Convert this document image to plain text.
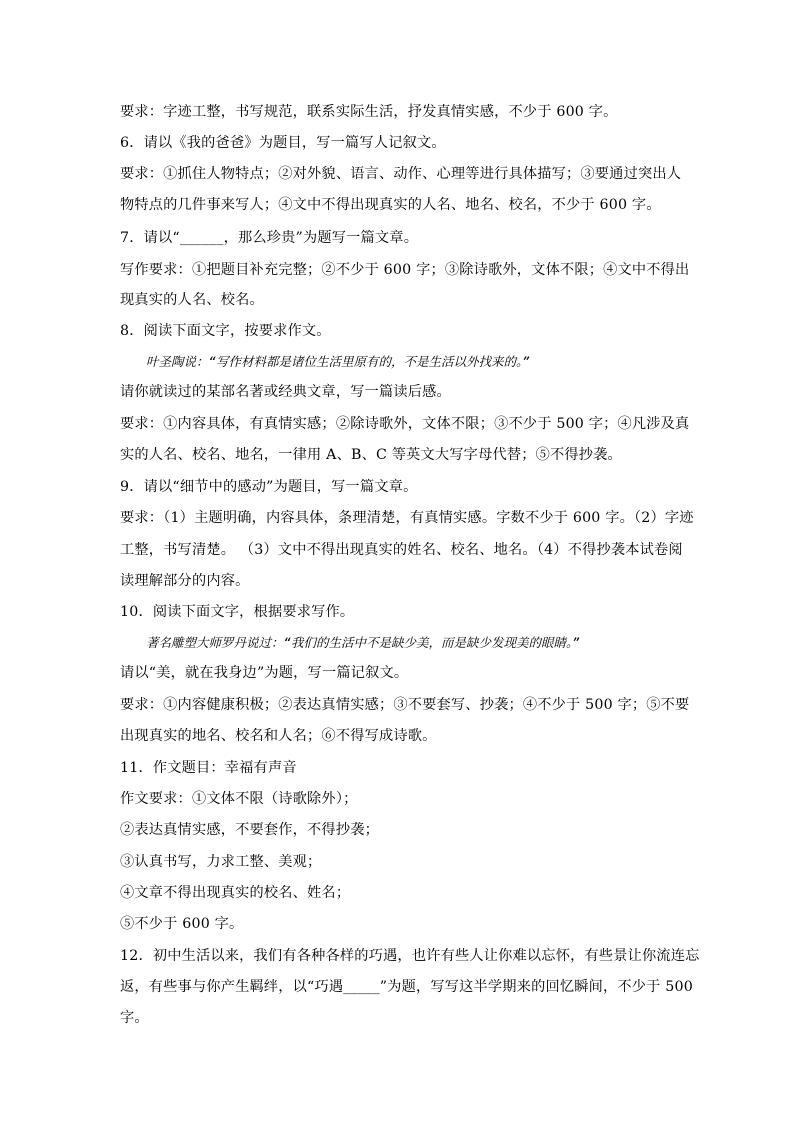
要求：字迹工整，书写规范，联系实际生活，抒发真情实感，不少于 600 字。
6．请以《我的爸爸》为题目，写一篇写人记叙文。
要求：①抓住人物特点；②对外貌、语言、动作、心理等进行具体描写；③要通过突出人
物特点的几件事来写人；④文中不得出现真实的人名、地名、校名，不少于 600 字。
7．请以“______，那么珍贵”为题写一篇文章。
写作要求：①把题目补充完整；②不少于 600 字；③除诗歌外，文体不限；④文中不得出
现真实的人名、校名。
8．阅读下面文字，按要求作文。
叶圣陶说：“写作材料都是诸位生活里原有的，不是生活以外找来的。”
请你就读过的某部名著或经典文章，写一篇读后感。
要求：①内容具体，有真情实感；②除诗歌外，文体不限；③不少于 500 字；④凡涉及真
实的人名、校名、地名，一律用 A、B、C 等英文大写字母代替；⑤不得抄袭。
9．请以“细节中的感动”为题目，写一篇文章。
要求：（1）主题明确，内容具体，条理清楚，有真情实感。字数不少于 600 字。（2）字迹
工整，书写清楚。 （3）文中不得出现真实的姓名、校名、地名。（4）不得抄袭本试卷阅
读理解部分的内容。
10．阅读下面文字，根据要求写作。
著名雕塑大师罗丹说过：“我们的生活中不是缺少美，而是缺少发现美的眼睛。”
请以“美，就在我身边”为题，写一篇记叙文。
要求：①内容健康积极；②表达真情实感；③不要套写、抄袭；④不少于 500 字；⑤不要
出现真实的地名、校名和人名；⑥不得写成诗歌。
11．作文题目：幸福有声音
作文要求：①文体不限（诗歌除外）；
②表达真情实感，不要套作，不得抄袭；
③认真书写，力求工整、美观；
④文章不得出现真实的校名、姓名；
⑤不少于 600 字。
12．初中生活以来，我们有各种各样的巧遇，也许有些人让你难以忘怀，有些景让你流连忘
返，有些事与你产生羁绊，以“巧遇_____”为题，写写这半学期来的回忆瞬间，不少于 500
字。
